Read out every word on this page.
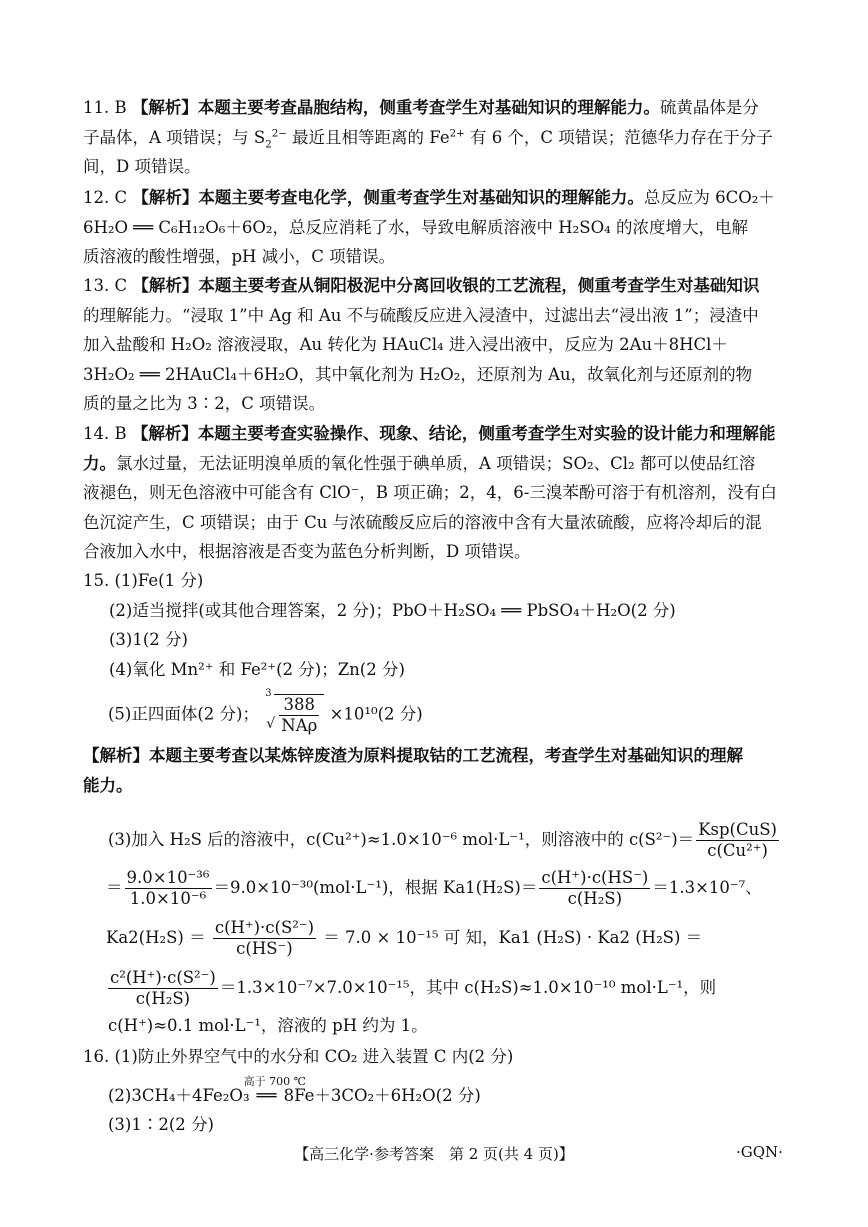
11. B 【解析】本题主要考查晶胞结构，侧重考查学生对基础知识的理解能力。硫黄晶体是分
子晶体，A 项错误；与 $S_2^{2-}$ 最近且相等距离的 $Fe^{2+}$ 有 6 个，C 项错误；范德华力存在于分子
间，D 项错误。
12. C 【解析】本题主要考查电化学，侧重考查学生对基础知识的理解能力。总反应为 6CO₂＋
6H₂O ══ C₆H₁₂O₆＋6O₂，总反应消耗了水，导致电解质溶液中 H₂SO₄ 的浓度增大，电解
质溶液的酸性增强，pH 减小，C 项错误。
13. C 【解析】本题主要考查从铜阳极泥中分离回收银的工艺流程，侧重考查学生对基础知识
的理解能力。“浸取 1”中 Ag 和 Au 不与硫酸反应进入浸渣中，过滤出去“浸出液 1”；浸渣中
加入盐酸和 H₂O₂ 溶液浸取，Au 转化为 HAuCl₄ 进入浸出液中，反应为 2Au＋8HCl＋
3H₂O₂ ══ 2HAuCl₄＋6H₂O，其中氧化剂为 H₂O₂，还原剂为 Au，故氧化剂与还原剂的物
质的量之比为 3∶2，C 项错误。
14. B 【解析】本题主要考查实验操作、现象、结论，侧重考查学生对实验的设计能力和理解能
力。氯水过量，无法证明溴单质的氧化性强于碘单质，A 项错误；SO₂、Cl₂ 都可以使品红溶
液褪色，则无色溶液中可能含有 ClO⁻，B 项正确；2，4，6-三溴苯酚可溶于有机溶剂，没有白
色沉淀产生，C 项错误；由于 Cu 与浓硫酸反应后的溶液中含有大量浓硫酸，应将冷却后的混
合液加入水中，根据溶液是否变为蓝色分析判断，D 项错误。
15. (1)Fe(1 分)
(2)适当搅拌(或其他合理答案，2 分)；PbO＋H₂SO₄ ══ PbSO₄＋H₂O(2 分)
(3)1(2 分)
(4)氧化 Mn²⁺ 和 Fe²⁺(2 分)；Zn(2 分)
(5)正四面体(2 分)；
3
√ $\frac{388}{\text{NAρ}} \times 10^{10}(2$ 分)
【解析】本题主要考查以某炼锌废渣为原料提取钴的工艺流程，考查学生对基础知识的理解
能力。
(3)加入 H₂S 后的溶液中，c(Cu²⁺)≈1.0×10⁻⁶ mol·L⁻¹，则溶液中的 $c(S^{2-})= \frac{\text{Ksp(CuS)}}{\text{c(Cu²⁺)}}$
＝ $\frac{\text{9.0×10⁻³⁶}}{\text{1.0×10⁻⁶}} =9.0\times 10^{-30}(mol\cdot L^{-1})$，根据 $Ka1(H_2S)= \frac{c(H^+)\cdot c(HS^-)}{\text{c(H₂S)}} =1.3\times 10^{-7}$、
$Ka2(H_2S) = \frac{\text{c(H⁺)·c(S²⁻)}}{c(HS^-)} = 7.0 \times 10^{-15}$ 可 知，Ka1 (H₂S) · Ka2 (H₂S) ＝
$\frac{\text{c²(H⁺)·c(S²⁻)}}{\text{c(H₂S)}} =1.3\times 10^{-7}\times 7.0\times 10^{-15}$，其中 c(H₂S)≈1.0×10⁻¹⁰ mol·L⁻¹，则
c(H⁺)≈0.1 mol·L⁻¹，溶液的 pH 约为 1。
16. (1)防止外界空气中的水分和 CO₂ 进入装置 C 内(2 分)
(2)3CH₄＋4Fe₂O₃
高于 700 ℃
══ 8Fe＋3CO₂＋6H₂O(2 分)
(3)1∶2(2 分)
【高三化学·参考答案　第 2 页(共 4 页)】	·GQN·
